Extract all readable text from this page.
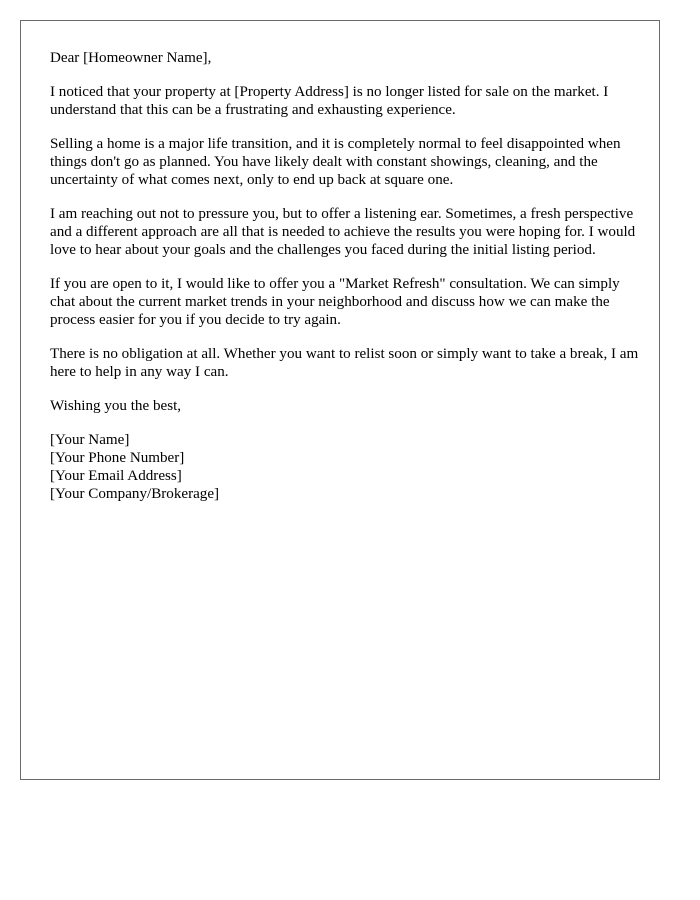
Dear [Homeowner Name],

I noticed that your property at [Property Address] is no longer listed for sale on the market. I understand that this can be a frustrating and exhausting experience.

Selling a home is a major life transition, and it is completely normal to feel disappointed when things don't go as planned. You have likely dealt with constant showings, cleaning, and the uncertainty of what comes next, only to end up back at square one.

I am reaching out not to pressure you, but to offer a listening ear. Sometimes, a fresh perspective and a different approach are all that is needed to achieve the results you were hoping for. I would love to hear about your goals and the challenges you faced during the initial listing period.

If you are open to it, I would like to offer you a "Market Refresh" consultation. We can simply chat about the current market trends in your neighborhood and discuss how we can make the process easier for you if you decide to try again.

There is no obligation at all. Whether you want to relist soon or simply want to take a break, I am here to help in any way I can.

Wishing you the best,

[Your Name]
[Your Phone Number]
[Your Email Address]
[Your Company/Brokerage]
